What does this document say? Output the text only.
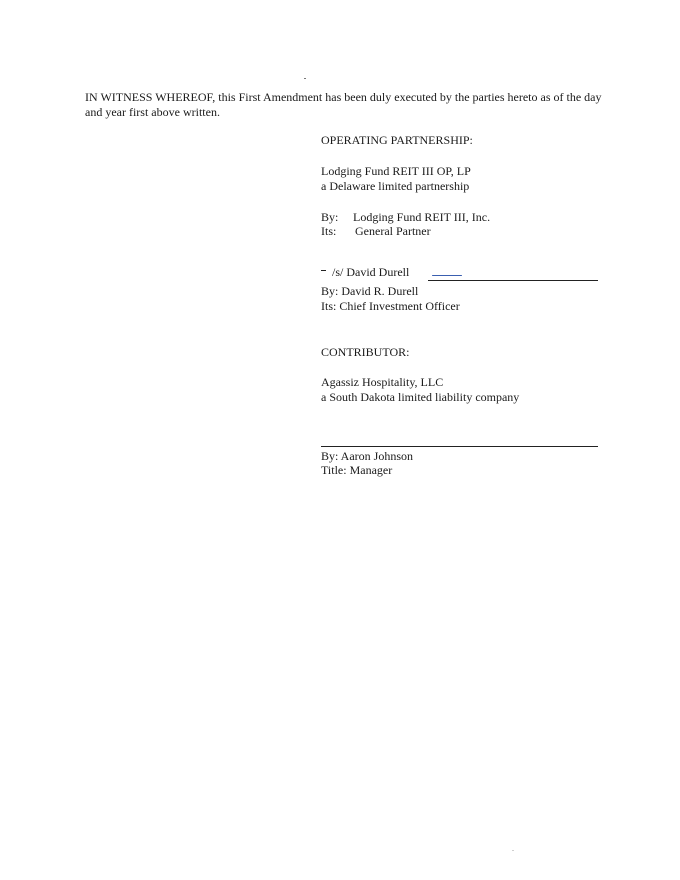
IN WITNESS WHEREOF, this First Amendment has been duly executed by the parties hereto as of the day and year first above written.
OPERATING PARTNERSHIP:
Lodging Fund REIT III OP, LP
a Delaware limited partnership
By: Lodging Fund REIT III, Inc.
Its: General Partner
/s/ David Durell
By: David R. Durell
Its: Chief Investment Officer
CONTRIBUTOR:
Agassiz Hospitality, LLC
a South Dakota limited liability company
By: Aaron Johnson
Title: Manager
